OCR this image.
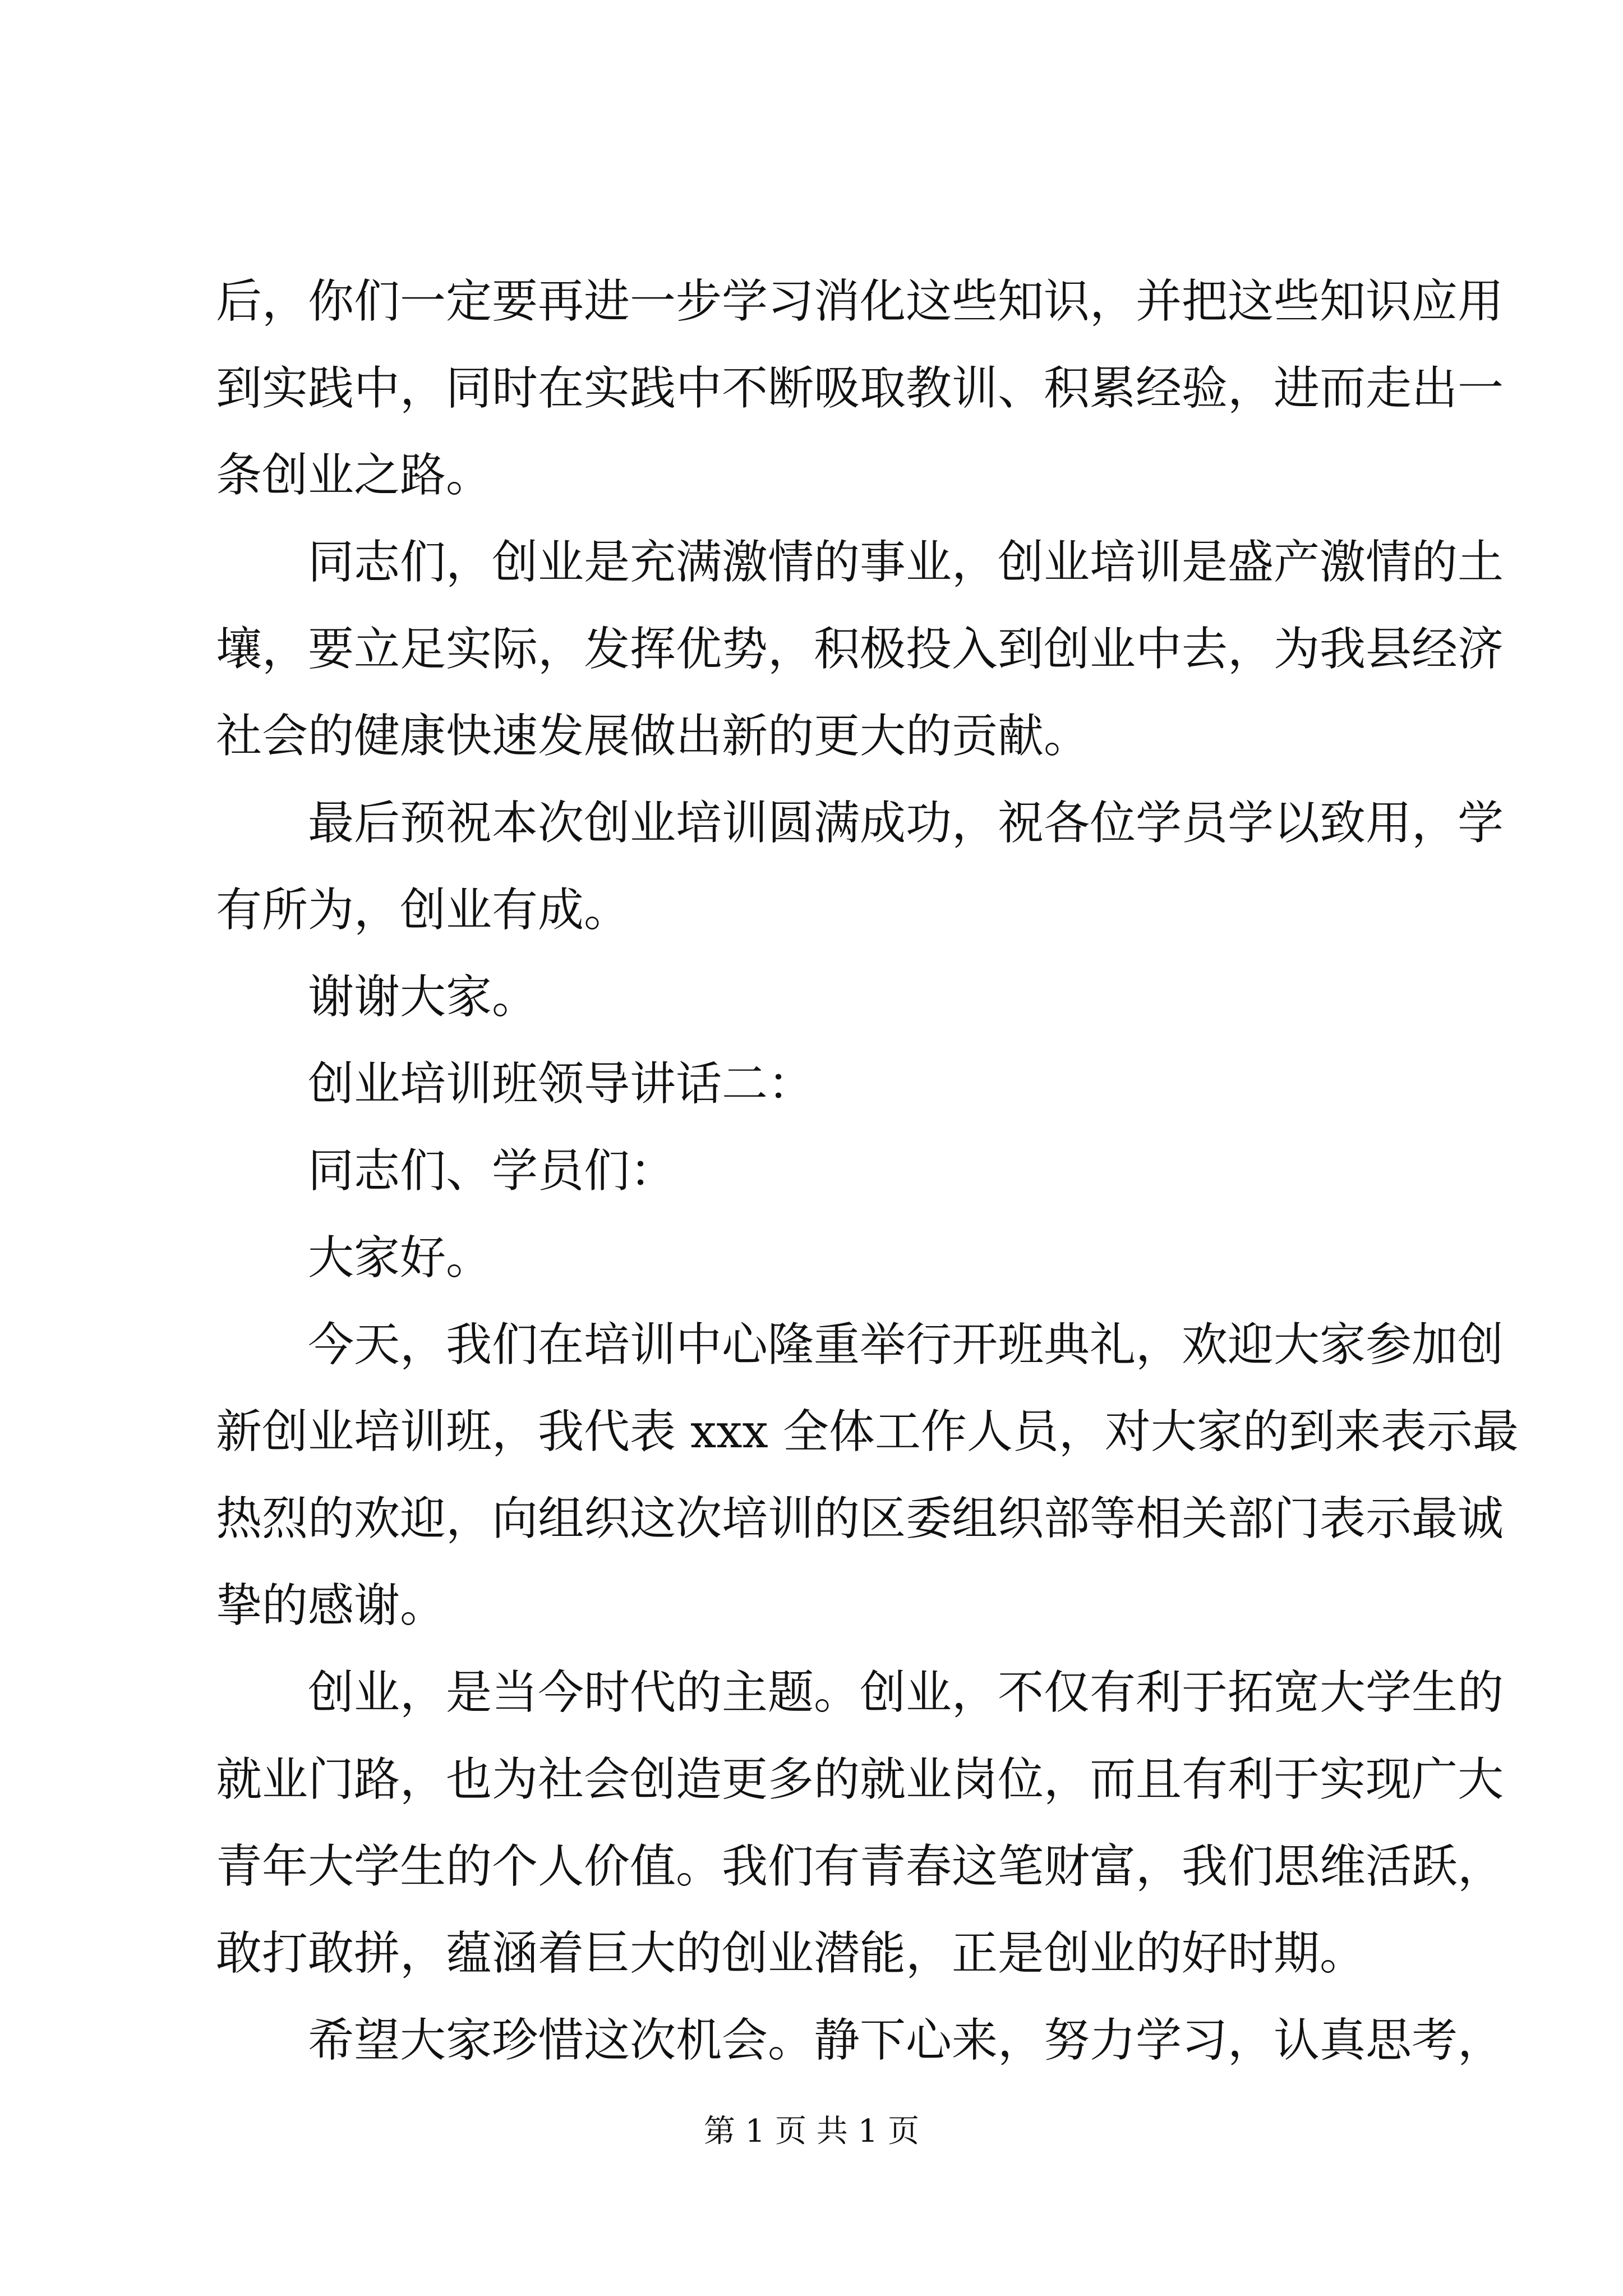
后，你们一定要再进一步学习消化这些知识，并把这些知识应用
到实践中，同时在实践中不断吸取教训、积累经验，进而走出一
条创业之路。
同志们，创业是充满激情的事业，创业培训是盛产激情的土
壤，要立足实际，发挥优势，积极投入到创业中去，为我县经济
社会的健康快速发展做出新的更大的贡献。
最后预祝本次创业培训圆满成功，祝各位学员学以致用，学
有所为，创业有成。
谢谢大家。
创业培训班领导讲话二：
同志们、学员们：
大家好。
今天，我们在培训中心隆重举行开班典礼，欢迎大家参加创
新创业培训班，我代表 xxx 全体工作人员，对大家的到来表示最
热烈的欢迎，向组织这次培训的区委组织部等相关部门表示最诚
挚的感谢。
创业，是当今时代的主题。创业，不仅有利于拓宽大学生的
就业门路，也为社会创造更多的就业岗位，而且有利于实现广大
青年大学生的个人价值。我们有青春这笔财富，我们思维活跃，
敢打敢拼，蕴涵着巨大的创业潜能，正是创业的好时期。
希望大家珍惜这次机会。静下心来，努力学习，认真思考，
第 1 页 共 1 页
